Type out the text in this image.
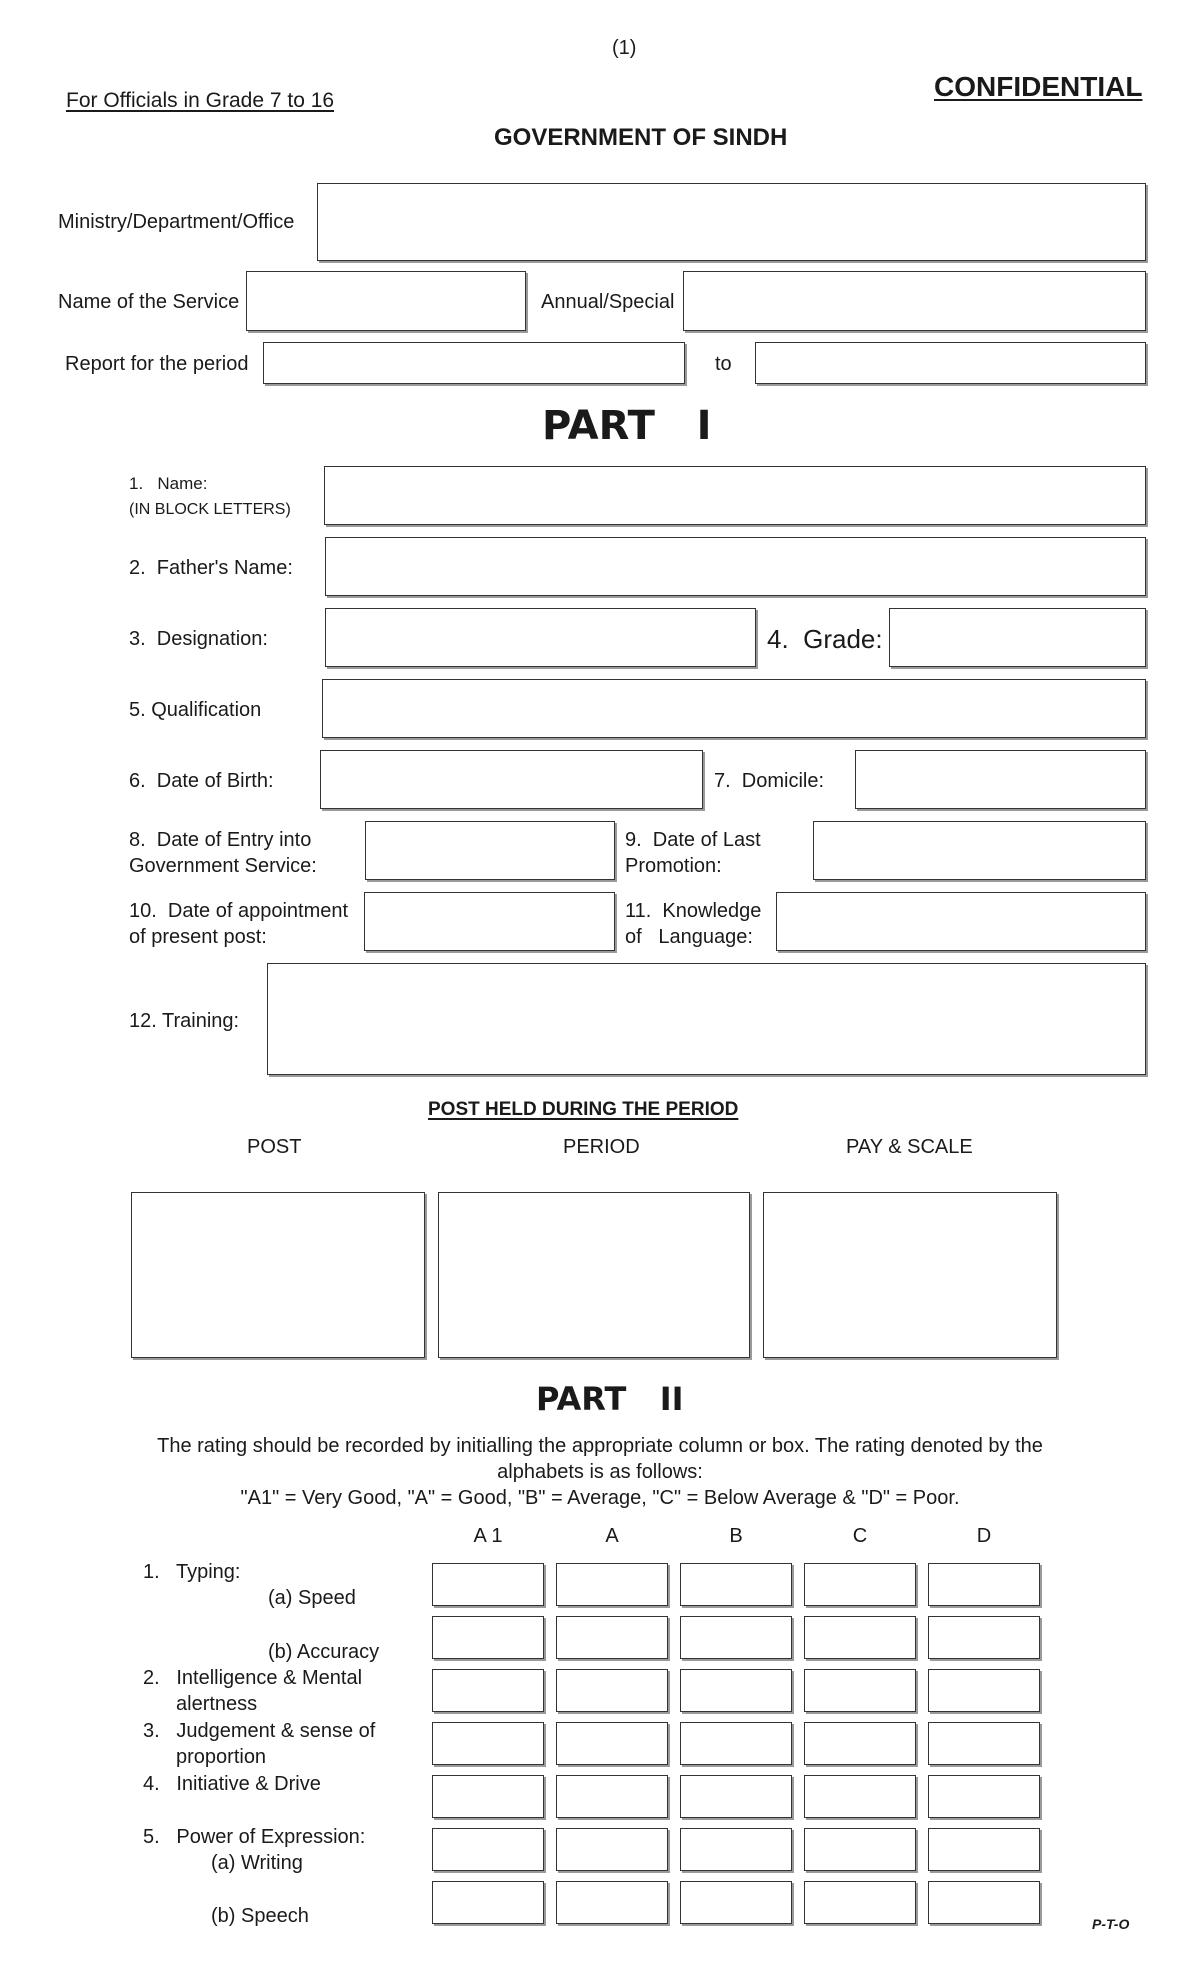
(1)
For Officials in Grade 7 to 16	CONFIDENTIAL
GOVERNMENT OF SINDH
Ministry/Department/Office
Name of the Service	Annual/Special
Report for the period	to
PART   I
1.   Name:
(IN BLOCK LETTERS)
2.  Father's Name:
3.  Designation:	4.  Grade:
5. Qualification
6.  Date of Birth:	7.  Domicile:
8.  Date of Entry into
Government Service:
9.  Date of Last
Promotion:
10.  Date of appointment
of present post:
11.  Knowledge
of   Language:
12. Training:
POST HELD DURING THE PERIOD
POST	PERIOD	PAY & SCALE
PART   II
The rating should be recorded by initialling the appropriate column or box. The rating denoted by the
alphabets is as follows:
"A1" = Very Good, "A" = Good, "B" = Average, "C" = Below Average & "D" = Poor.
A 1	A	B	C	D
1.   Typing:
(a) Speed
(b) Accuracy
2.   Intelligence & Mental
alertness
3.   Judgement & sense of
proportion
4.   Initiative & Drive
5.   Power of Expression:
(a) Writing
(b) Speech	P-T-O
